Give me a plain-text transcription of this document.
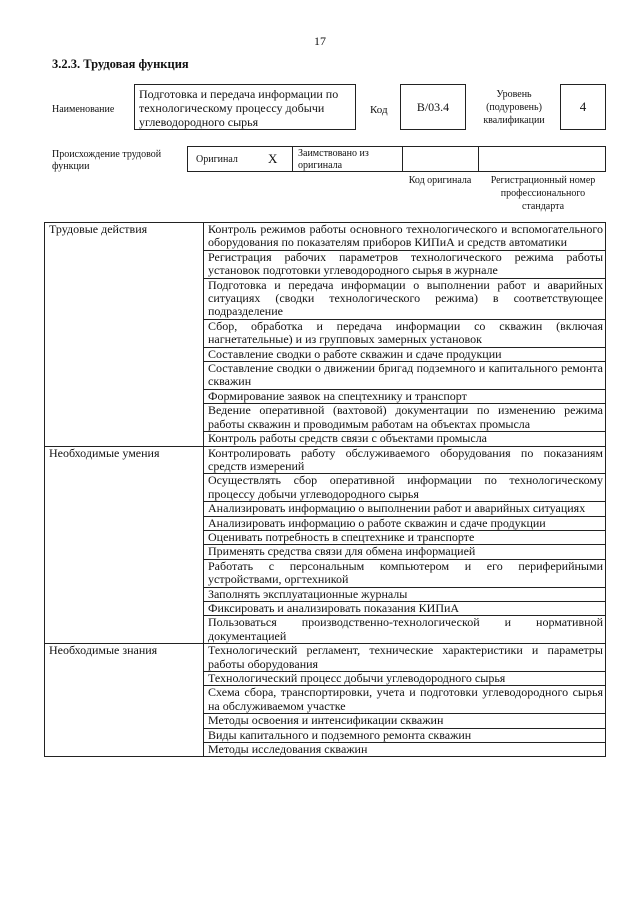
17
3.2.3. Трудовая функция
Наименование
Подготовка и передача информации по технологическому процессу добычи углеводородного сырья
Код	B/03.4
Уровень (подуровень) квалификации
4
Происхождение трудовой функции
Оригинал X Заимствовано из оригинала
Код оригинала	Регистрационный номер профессионального стандарта
Трудовые действия	Контроль режимов работы основного технологического и вспомогательного оборудования по показателям приборов КИПиА и средств автоматики
	Регистрация рабочих параметров технологического режима работы установок подготовки углеводородного сырья в журнале
	Подготовка и передача информации о выполнении работ и аварийных ситуациях (сводки технологического режима) в соответствующее подразделение
	Сбор, обработка и передача информации со скважин (включая нагнетательные) и из групповых замерных установок
	Составление сводки о работе скважин и сдаче продукции
	Составление сводки о движении бригад подземного и капитального ремонта скважин
	Формирование заявок на спецтехнику и транспорт
	Ведение оперативной (вахтовой) документации по изменению режима работы скважин и проводимым работам на объектах промысла
	Контроль работы средств связи с объектами промысла
Необходимые умения	Контролировать работу обслуживаемого оборудования по показаниям средств измерений
	Осуществлять сбор оперативной информации по технологическому процессу добычи углеводородного сырья
	Анализировать информацию о выполнении работ и аварийных ситуациях
	Анализировать информацию о работе скважин и сдаче продукции
	Оценивать потребность в спецтехнике и транспорте
	Применять средства связи для обмена информацией
	Работать с персональным компьютером и его периферийными устройствами, оргтехникой
	Заполнять эксплуатационные журналы
	Фиксировать и анализировать показания КИПиА
	Пользоваться производственно-технологической и нормативной документацией
Необходимые знания	Технологический регламент, технические характеристики и параметры работы оборудования
	Технологический процесс добычи углеводородного сырья
	Схема сбора, транспортировки, учета и подготовки углеводородного сырья на обслуживаемом участке
	Методы освоения и интенсификации скважин
	Виды капитального и подземного ремонта скважин
	Методы исследования скважин
